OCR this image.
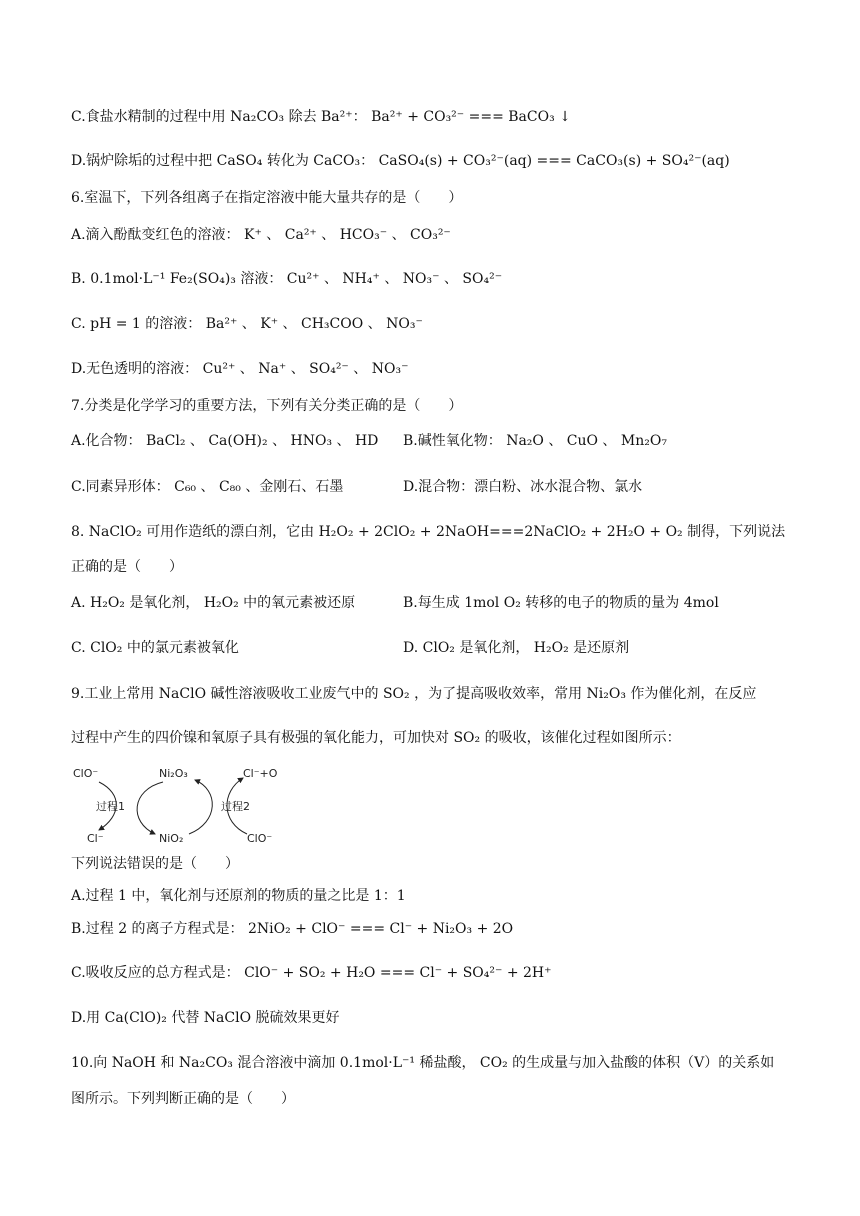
C.食盐水精制的过程中用 Na₂CO₃ 除去 Ba²⁺： Ba²⁺ + CO₃²⁻ === BaCO₃ ↓
D.锅炉除垢的过程中把 CaSO₄ 转化为 CaCO₃： CaSO₄(s) + CO₃²⁻(aq) === CaCO₃(s) + SO₄²⁻(aq)
6.室温下，下列各组离子在指定溶液中能大量共存的是（　　）
A.滴入酚酞变红色的溶液： K⁺ 、 Ca²⁺ 、 HCO₃⁻ 、 CO₃²⁻
B. 0.1mol·L⁻¹ Fe₂(SO₄)₃ 溶液： Cu²⁺ 、 NH₄⁺ 、 NO₃⁻ 、 SO₄²⁻
C. pH = 1 的溶液： Ba²⁺ 、 K⁺ 、 CH₃COO 、 NO₃⁻
D.无色透明的溶液： Cu²⁺ 、 Na⁺ 、 SO₄²⁻ 、 NO₃⁻
7.分类是化学学习的重要方法，下列有关分类正确的是（　　）
A.化合物： BaCl₂ 、 Ca(OH)₂ 、 HNO₃ 、 HD B.碱性氧化物： Na₂O 、 CuO 、 Mn₂O₇
C.同素异形体： C₆₀ 、 C₈₀ 、金刚石、石墨	D.混合物：漂白粉、冰水混合物、氯水
8. NaClO₂ 可用作造纸的漂白剂，它由 H₂O₂ + 2ClO₂ + 2NaOH===2NaClO₂ + 2H₂O + O₂ 制得，下列说法
正确的是（　　）
A. H₂O₂ 是氧化剂， H₂O₂ 中的氧元素被还原	B.每生成 1mol O₂ 转移的电子的物质的量为 4mol
C. ClO₂ 中的氯元素被氧化	D. ClO₂ 是氧化剂， H₂O₂ 是还原剂
9.工业上常用 NaClO 碱性溶液吸收工业废气中的 SO₂ ，为了提高吸收效率，常用 Ni₂O₃ 作为催化剂，在反应
过程中产生的四价镍和氧原子具有极强的氧化能力，可加快对 SO₂ 的吸收，该催化过程如图所示：
ClO⁻	Ni₂O₃	Cl⁻+O
过程1	过程2
Cl⁻	NiO₂	ClO⁻
下列说法错误的是（　　）
A.过程 1 中，氧化剂与还原剂的物质的量之比是 1：1
B.过程 2 的离子方程式是： 2NiO₂ + ClO⁻ === Cl⁻ + Ni₂O₃ + 2O
C.吸收反应的总方程式是： ClO⁻ + SO₂ + H₂O === Cl⁻ + SO₄²⁻ + 2H⁺
D.用 Ca(ClO)₂ 代替 NaClO 脱硫效果更好
10.向 NaOH 和 Na₂CO₃ 混合溶液中滴加 0.1mol·L⁻¹ 稀盐酸， CO₂ 的生成量与加入盐酸的体积（V）的关系如
图所示。下列判断正确的是（　　）
